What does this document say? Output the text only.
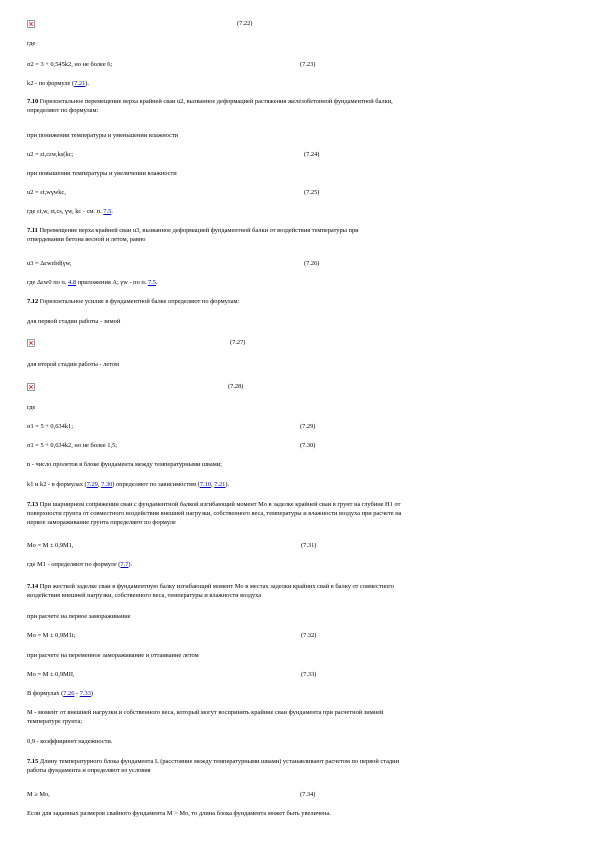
(7.22)
где
σ2 = 3 + 0,545k2, но не более 6;	(7.23)
k2 - по формуле (7.21).
7.10 Горизонтальное перемещение верха крайней сваи u2, вызванное деформацией растяжения железобетонной фундаментной балки,
определяют по формулам:
при понижении температуры и уменьшении влажности
u2 = εt,сεw,ks(kc;	(7.24)
при повышении температуры и увеличении влажности
u2 = εt,wγwkc,	(7.25)
где εt,w, εt,cs, γw, kc - см. п. 7.5.
7.11 Перемещение верха крайней сваи u3, вызванное деформацией фундаментной балки от воздействия температуры при
отвердевании бетона весной и летом, равно
u3 = Δεwεbd(γw,	(7.26)
где Δεw0 по п. 4.8 приложения А; γw - по п. 7.5.
7.12 Горизонтальное усилие в фундаментной балке определяют по формулам:
для первой стадии работы - зимой
(7.27)
для второй стадии работы - летом
(7.28)
где
σ1 = 5 + 0,634k1;	(7.29)
σ1 = 5 + 0,634k2, но не более 1,5;	(7.30)
n - число пролетов в блоке фундамента между температурными швами;
k1 и k2 - в формулах (7.29, 7.30) определяют по зависимостям (7.10, 7.21).
7.13 При шарнирном сопряжении сваи с фундаментной балкой изгибающий момент Mo в заделке крайней сваи в грунт на глубине H1 от
поверхности грунта от совместного воздействия внешней нагрузки, собственного веса, температуры и влажности воздуха при расчете на
первое замораживание грунта определяют по формуле
Mo = M ± 0,9M1,	(7.31)
где M1 - определяют по формуле (7.7).
7.14 При жесткой заделке сваи в фундаментную балку изгибающий момент Mo в местах заделки крайних свай в балку от совместного
воздействия внешней нагрузки, собственного веса, температуры и влажности воздуха
при расчете на первое замораживание
Mo = M ± 0,9M1i;	(7.32)
при расчете на переменное замораживание и оттаивание летом
Mo = M ± 0,9MII,	(7.33)
В формулах (7.26 - 7.33)
M - момент от внешней нагрузки и собственного веса, который могут воспринять крайние сваи фундамента при расчетной зимней
температуре грунта;
0,9 - коэффициент надежности.
7.15 Длину температурного блока фундамента L (расстояние между температурными швами) устанавливают расчетом по первой стадии
работы фундамента и определяют из условия
M ≥ Mo,	(7.34)
Если для заданных размеров свайного фундамента M > Mo, то длина блока фундамента может быть увеличена.
